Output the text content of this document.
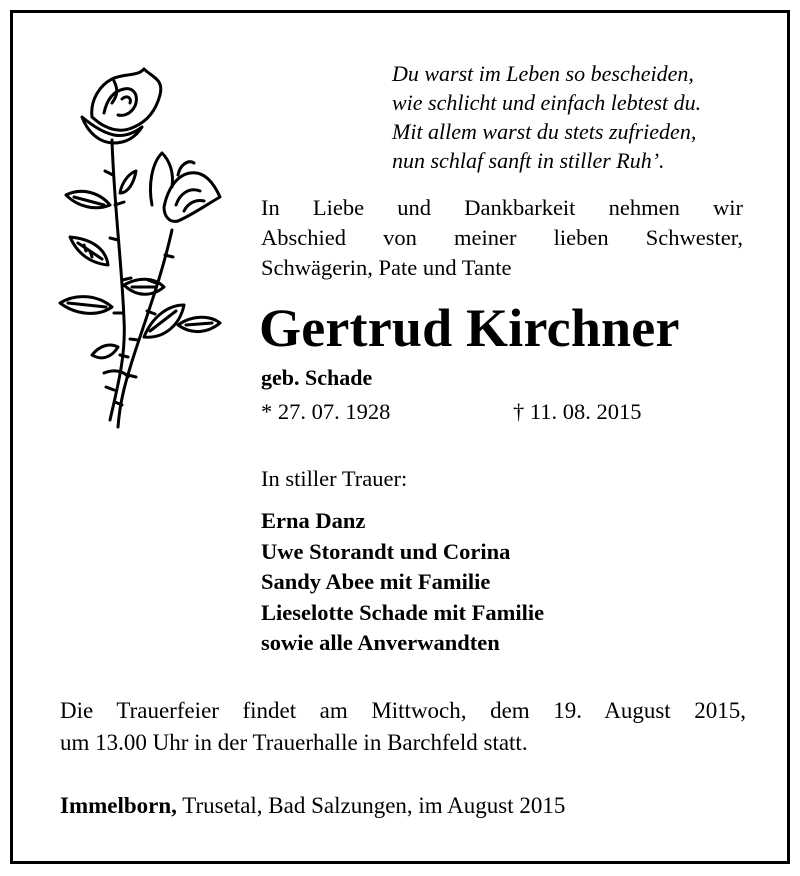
Du warst im Leben so bescheiden,
wie schlicht und einfach lebtest du.
Mit allem warst du stets zufrieden,
nun schlaf sanft in stiller Ruh’.
In Liebe und Dankbarkeit nehmen wir
Abschied von meiner lieben Schwester,
Schwägerin, Pate und Tante
Gertrud Kirchner
geb. Schade
* 27. 07. 1928	† 11. 08. 2015
In stiller Trauer:
Erna Danz
Uwe Storandt und Corina
Sandy Abee mit Familie
Lieselotte Schade mit Familie
sowie alle Anverwandten
Die Trauerfeier findet am Mittwoch, dem 19. August 2015,
um 13.00 Uhr in der Trauerhalle in Barchfeld statt.
Immelborn, Trusetal, Bad Salzungen, im August 2015
